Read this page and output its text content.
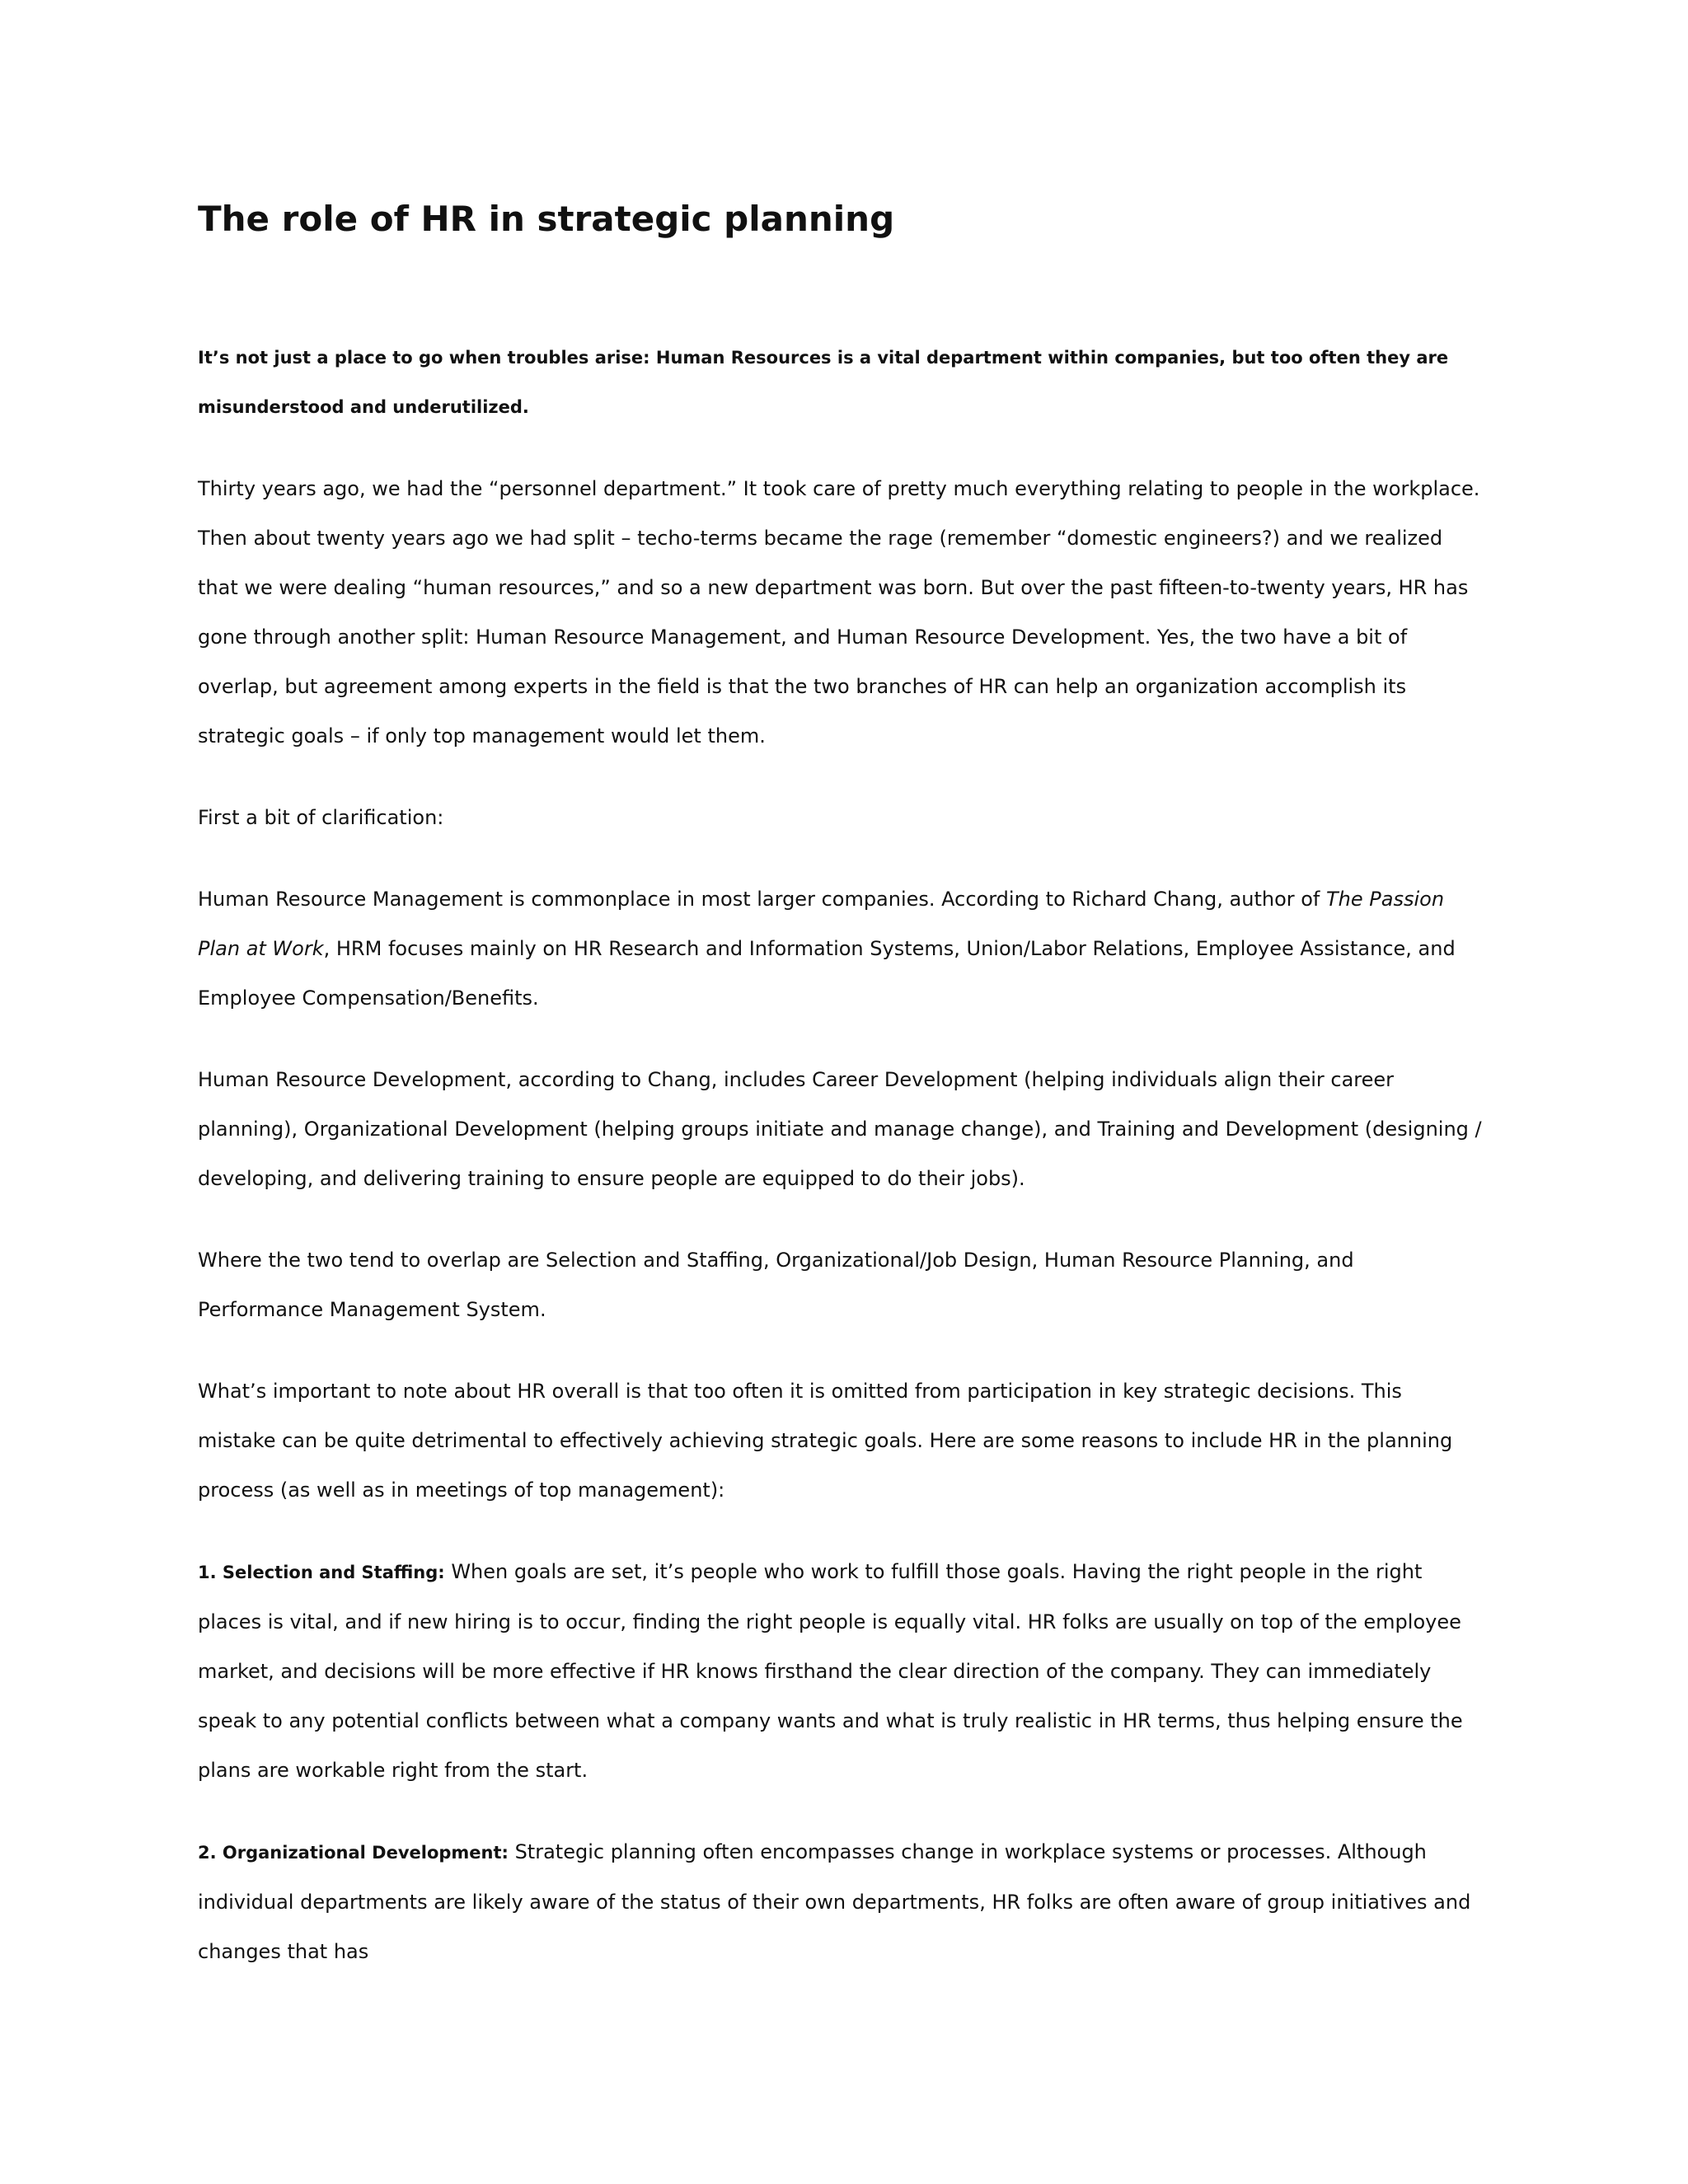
The role of HR in strategic planning

It’s not just a place to go when troubles arise: Human Resources is a vital department within companies, but too often they are misunderstood and underutilized.

Thirty years ago, we had the “personnel department.” It took care of pretty much everything relating to people in the workplace. Then about twenty years ago we had split – techo-terms became the rage (remember “domestic engineers?) and we realized that we were dealing “human resources,” and so a new department was born. But over the past fifteen-to-twenty years, HR has gone through another split: Human Resource Management, and Human Resource Development. Yes, the two have a bit of overlap, but agreement among experts in the field is that the two branches of HR can help an organization accomplish its strategic goals – if only top management would let them.

First a bit of clarification:

Human Resource Management is commonplace in most larger companies. According to Richard Chang, author of The Passion Plan at Work, HRM focuses mainly on HR Research and Information Systems, Union/Labor Relations, Employee Assistance, and Employee Compensation/Benefits.

Human Resource Development, according to Chang, includes Career Development (helping individuals align their career planning), Organizational Development (helping groups initiate and manage change), and Training and Development (designing / developing, and delivering training to ensure people are equipped to do their jobs).

Where the two tend to overlap are Selection and Staffing, Organizational/Job Design, Human Resource Planning, and Performance Management System.

What’s important to note about HR overall is that too often it is omitted from participation in key strategic decisions. This mistake can be quite detrimental to effectively achieving strategic goals. Here are some reasons to include HR in the planning process (as well as in meetings of top management):

1. Selection and Staffing: When goals are set, it’s people who work to fulfill those goals. Having the right people in the right places is vital, and if new hiring is to occur, finding the right people is equally vital. HR folks are usually on top of the employee market, and decisions will be more effective if HR knows firsthand the clear direction of the company. They can immediately speak to any potential conflicts between what a company wants and what is truly realistic in HR terms, thus helping ensure the plans are workable right from the start.

2. Organizational Development: Strategic planning often encompasses change in workplace systems or processes. Although individual departments are likely aware of the status of their own departments, HR folks are often aware of group initiatives and changes that has
